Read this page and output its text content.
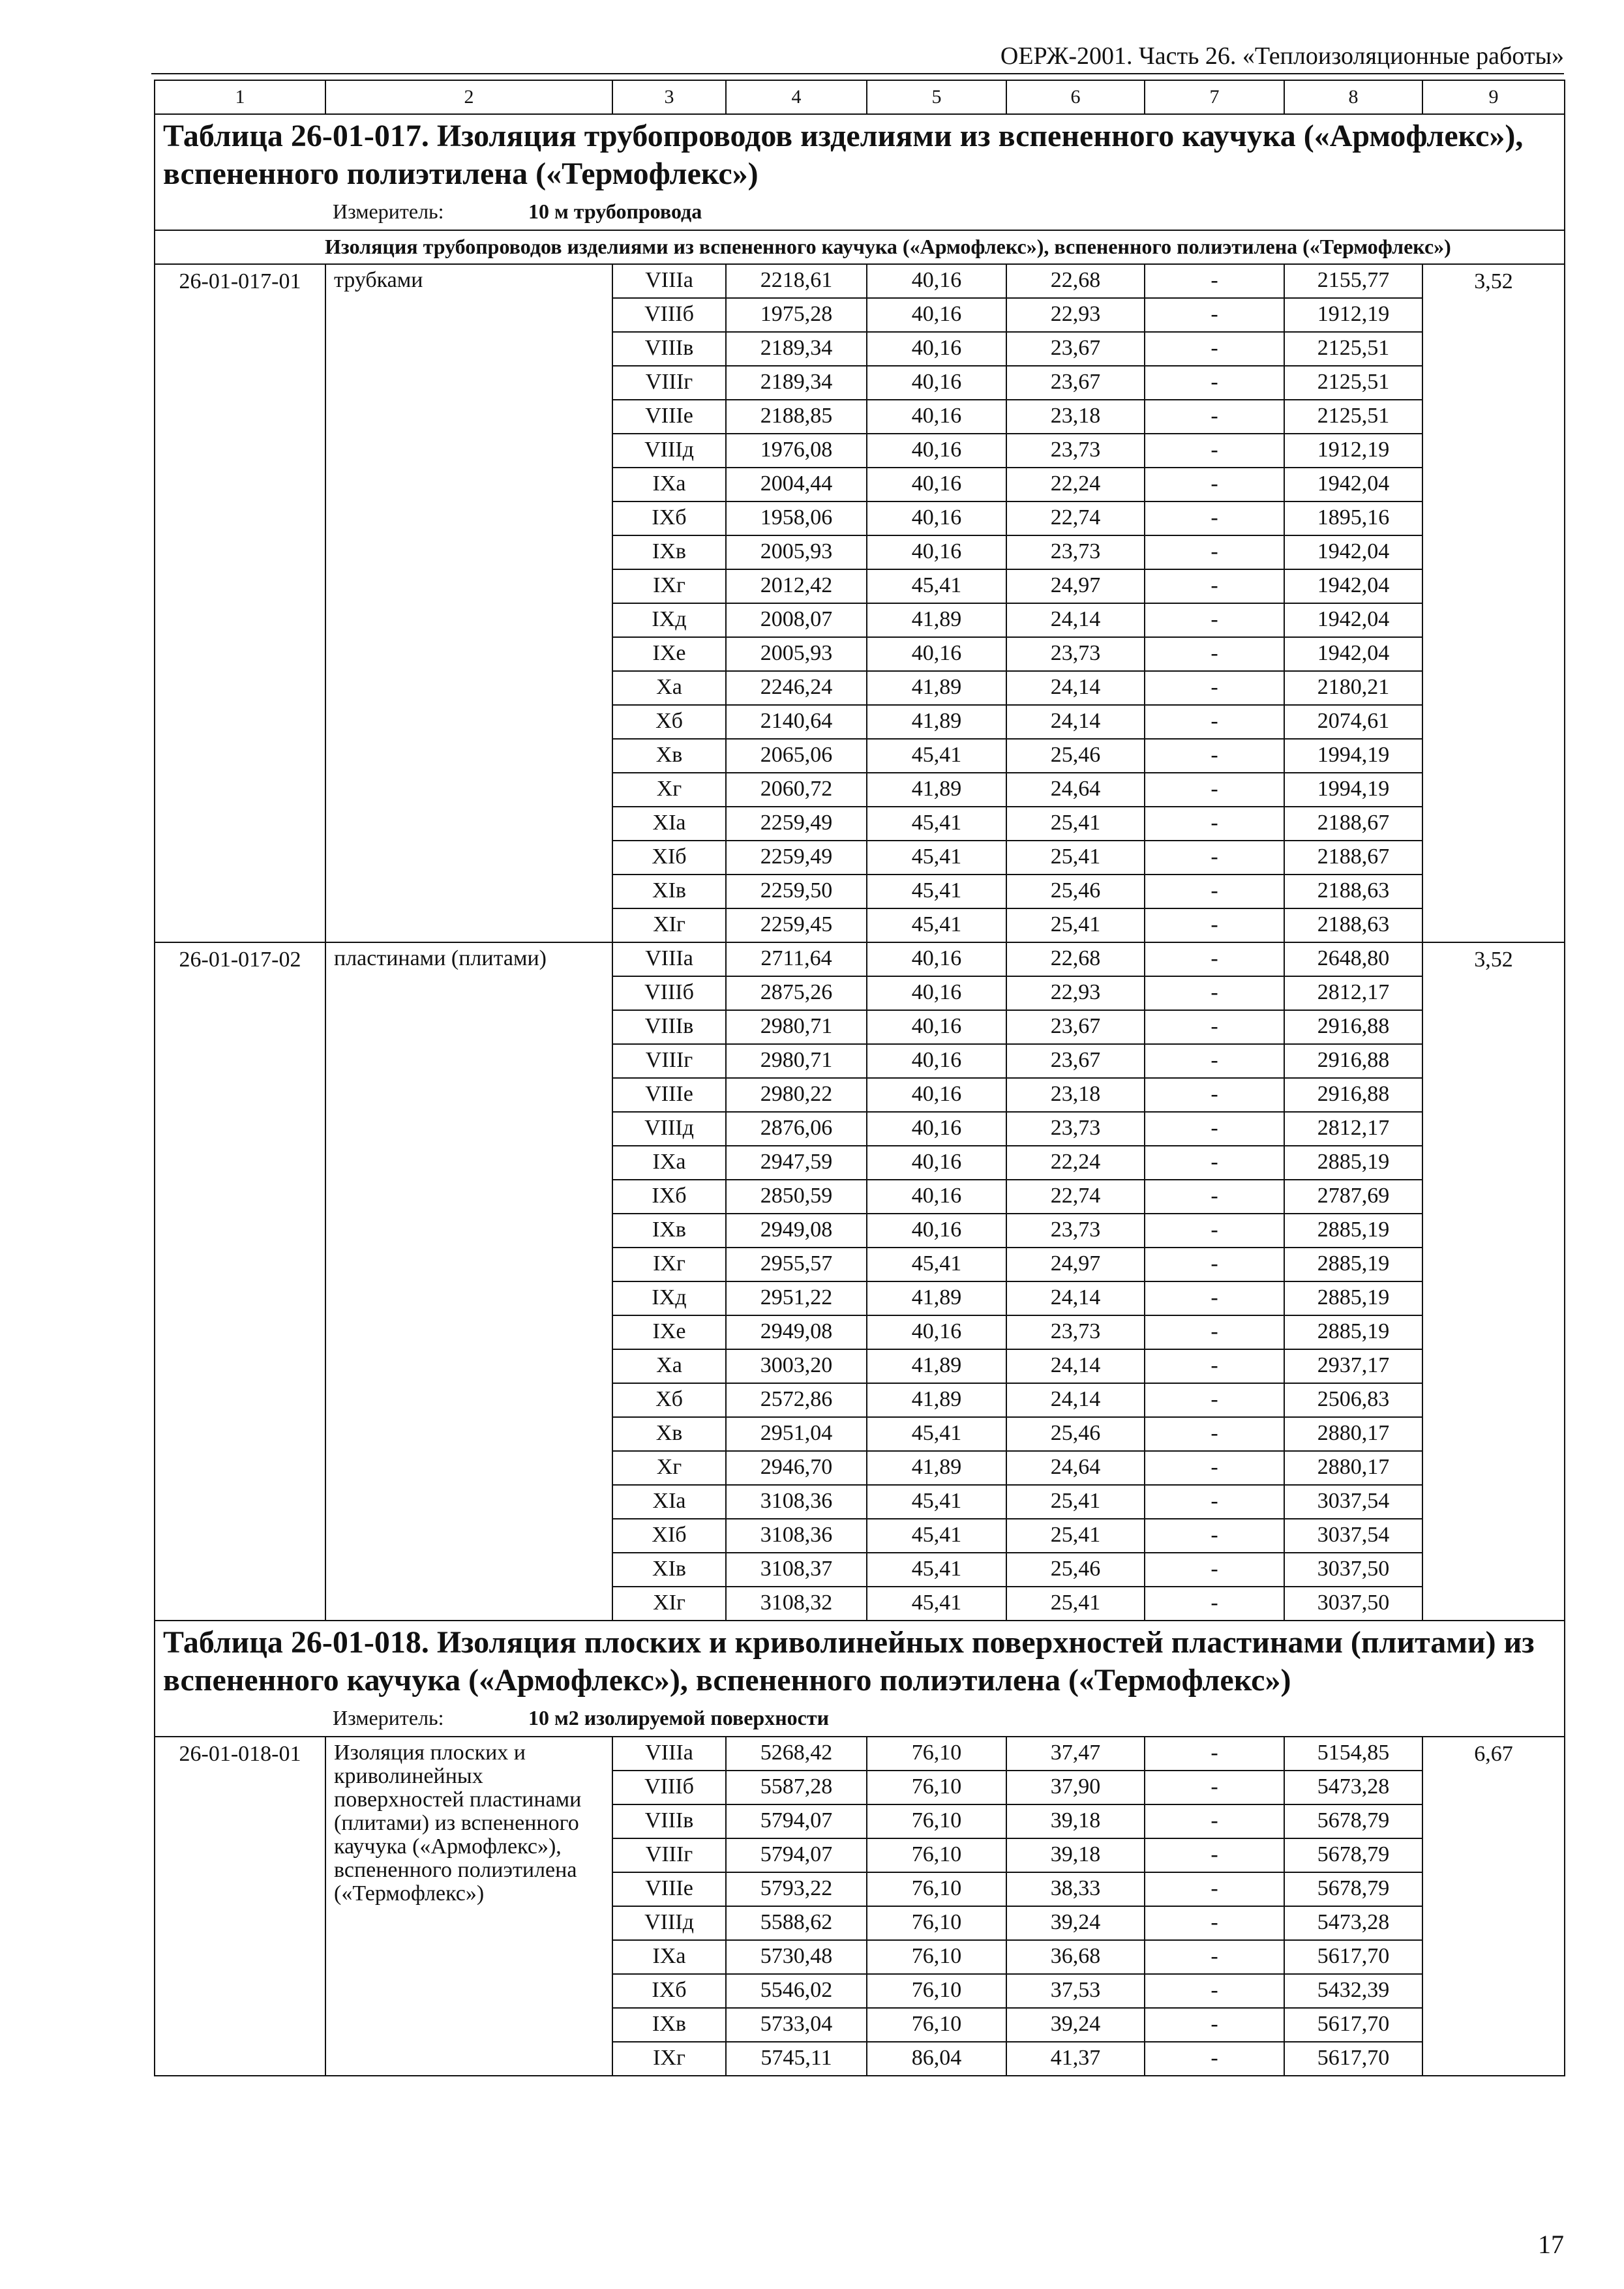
ОЕРЖ-2001. Часть 26. «Теплоизоляционные работы»
1	2	3	4	5	6	7	8	9

Таблица 26-01-017. Изоляция трубопроводов изделиями из вспененного каучука («Армофлекс»), вспененного полиэтилена («Термофлекс»)
Измеритель: 10 м трубопровода								

Изоляция трубопроводов изделиями из вспененного каучука («Армофлекс»), вспененного полиэтилена («Термофлекс»)								
26-01-017-01	трубками	VIIIа	2218,61	40,16	22,68	-	2155,77	3,52
		VIIIб	1975,28	40,16	22,93	-	1912,19	
		VIIIв	2189,34	40,16	23,67	-	2125,51	
		VIIIг	2189,34	40,16	23,67	-	2125,51	
		VIIIе	2188,85	40,16	23,18	-	2125,51	
		VIIIд	1976,08	40,16	23,73	-	1912,19	
		IXа	2004,44	40,16	22,24	-	1942,04	
		IXб	1958,06	40,16	22,74	-	1895,16	
		IXв	2005,93	40,16	23,73	-	1942,04	
		IXг	2012,42	45,41	24,97	-	1942,04	
		IXд	2008,07	41,89	24,14	-	1942,04	
		IXе	2005,93	40,16	23,73	-	1942,04	
		Xа	2246,24	41,89	24,14	-	2180,21	
		Xб	2140,64	41,89	24,14	-	2074,61	
		Xв	2065,06	45,41	25,46	-	1994,19	
		Xг	2060,72	41,89	24,64	-	1994,19	
		XIа	2259,49	45,41	25,41	-	2188,67	
		XIб	2259,49	45,41	25,41	-	2188,67	
		XIв	2259,50	45,41	25,46	-	2188,63	
		XIг	2259,45	45,41	25,41	-	2188,63	
26-01-017-02	пластинами (плитами)	VIIIа	2711,64	40,16	22,68	-	2648,80	3,52
		VIIIб	2875,26	40,16	22,93	-	2812,17	
		VIIIв	2980,71	40,16	23,67	-	2916,88	
		VIIIг	2980,71	40,16	23,67	-	2916,88	
		VIIIе	2980,22	40,16	23,18	-	2916,88	
		VIIIд	2876,06	40,16	23,73	-	2812,17	
		IXа	2947,59	40,16	22,24	-	2885,19	
		IXб	2850,59	40,16	22,74	-	2787,69	
		IXв	2949,08	40,16	23,73	-	2885,19	
		IXг	2955,57	45,41	24,97	-	2885,19	
		IXд	2951,22	41,89	24,14	-	2885,19	
		IXе	2949,08	40,16	23,73	-	2885,19	
		Xа	3003,20	41,89	24,14	-	2937,17	
		Xб	2572,86	41,89	24,14	-	2506,83	
		Xв	2951,04	45,41	25,46	-	2880,17	
		Xг	2946,70	41,89	24,64	-	2880,17	
		XIа	3108,36	45,41	25,41	-	3037,54	
		XIб	3108,36	45,41	25,41	-	3037,54	
		XIв	3108,37	45,41	25,46	-	3037,50	
		XIг	3108,32	45,41	25,41	-	3037,50	

Таблица 26-01-018. Изоляция плоских и криволинейных поверхностей пластинами (плитами) из вспененного каучука («Армофлекс»), вспененного полиэтилена («Термофлекс»)
Измеритель: 10 м2 изолируемой поверхности								

26-01-018-01	Изоляция плоских и криволинейных поверхностей пластинами (плитами) из вспененного каучука («Армофлекс»), вспененного полиэтилена («Термофлекс»)	VIIIа	5268,42	76,10	37,47	-	5154,85	6,67
		VIIIб	5587,28	76,10	37,90	-	5473,28	
		VIIIв	5794,07	76,10	39,18	-	5678,79	
		VIIIг	5794,07	76,10	39,18	-	5678,79	
		VIIIе	5793,22	76,10	38,33	-	5678,79	
		VIIIд	5588,62	76,10	39,24	-	5473,28	
		IXа	5730,48	76,10	36,68	-	5617,70	
		IXб	5546,02	76,10	37,53	-	5432,39	
		IXв	5733,04	76,10	39,24	-	5617,70	
		IXг	5745,11	86,04	41,37	-	5617,70	
17
